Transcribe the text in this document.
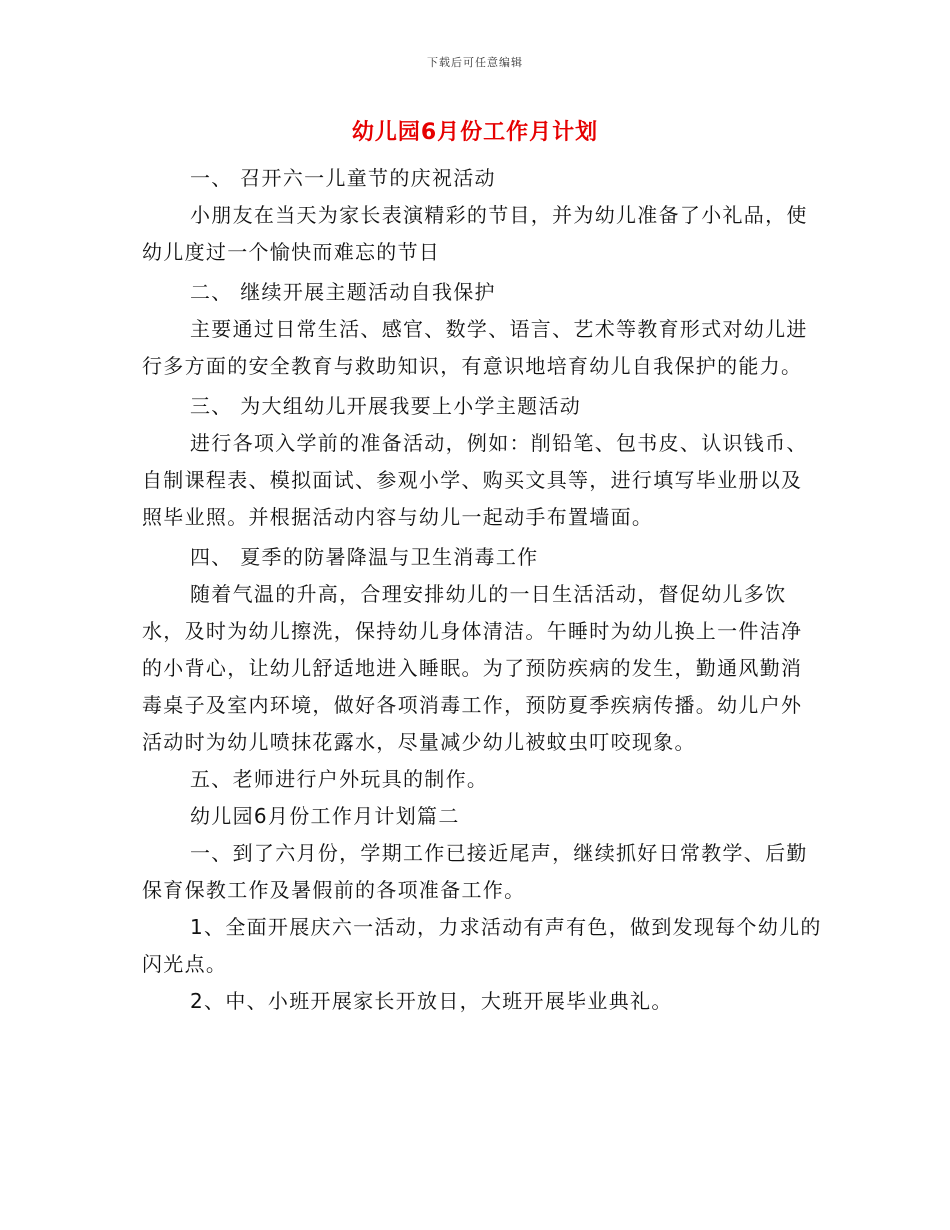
下载后可任意编辑
幼儿园6月份工作月计划

一、 召开六一儿童节的庆祝活动

小朋友在当天为家长表演精彩的节目，并为幼儿准备了小礼品，使幼儿度过一个愉快而难忘的节日

二、 继续开展主题活动自我保护

主要通过日常生活、感官、数学、语言、艺术等教育形式对幼儿进行多方面的安全教育与救助知识，有意识地培育幼儿自我保护的能力。

三、 为大组幼儿开展我要上小学主题活动

进行各项入学前的准备活动，例如：削铅笔、包书皮、认识钱币、自制课程表、模拟面试、参观小学、购买文具等，进行填写毕业册以及照毕业照。并根据活动内容与幼儿一起动手布置墙面。

四、 夏季的防暑降温与卫生消毒工作

随着气温的升高，合理安排幼儿的一日生活活动，督促幼儿多饮水，及时为幼儿擦洗，保持幼儿身体清洁。午睡时为幼儿换上一件洁净的小背心，让幼儿舒适地进入睡眠。为了预防疾病的发生，勤通风勤消毒桌子及室内环境，做好各项消毒工作，预防夏季疾病传播。幼儿户外活动时为幼儿喷抹花露水，尽量减少幼儿被蚊虫叮咬现象。

五、老师进行户外玩具的制作。

幼儿园6月份工作月计划篇二

一、到了六月份，学期工作已接近尾声，继续抓好日常教学、后勤保育保教工作及暑假前的各项准备工作。

1、全面开展庆六一活动，力求活动有声有色，做到发现每个幼儿的闪光点。

2、中、小班开展家长开放日，大班开展毕业典礼。
